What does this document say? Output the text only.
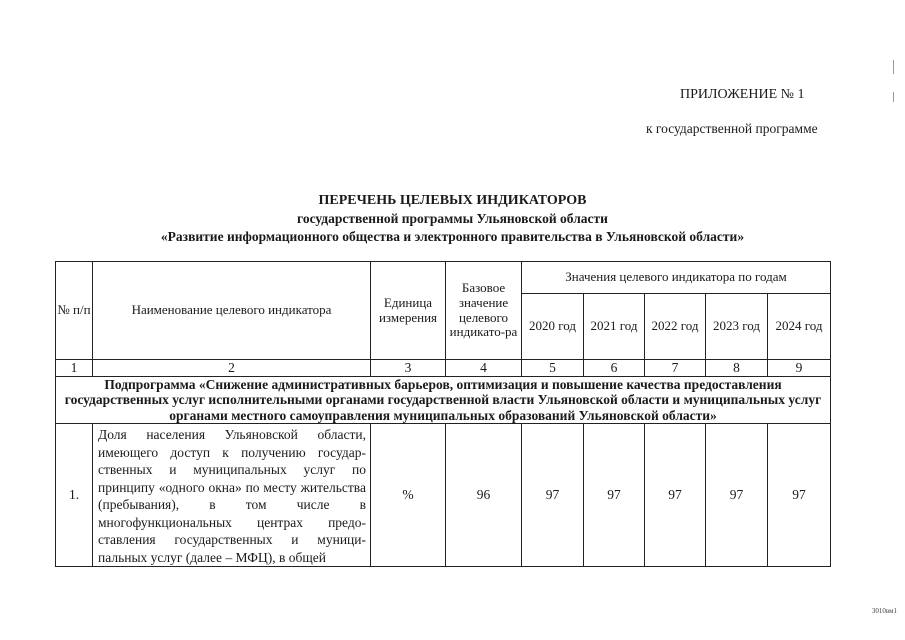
ПРИЛОЖЕНИЕ № 1
к государственной программе
ПЕРЕЧЕНЬ ЦЕЛЕВЫХ ИНДИКАТОРОВ
государственной программы Ульяновской области
«Развитие информационного общества и электронного правительства в Ульяновской области»
№ п/п	Наименование целевого индикатора	Единица измерения	Базовое значение целевого индикато-ра	Значения целевого индикатора по годам				
				2020 год	2021 год	2022 год	2023 год	2024 год
1	2	3	4	5	6	7	8	9
Подпрограмма «Снижение административных барьеров, оптимизация и повышение качества предоставления государственных услуг исполнительными органами государственной власти Ульяновской области и муниципальных услуг органами местного самоуправления муниципальных образований Ульяновской области»								
1.	Доля населения Ульяновской области, имеющего доступ к получению государ-ственных и муниципальных услуг по принципу «одного окна» по месту жительства (пребывания), в том числе в многофункциональных центрах предо-ставления государственных и муници-пальных услуг (далее – МФЦ), в общей	%	96	97	97	97	97	97
3010вм1
